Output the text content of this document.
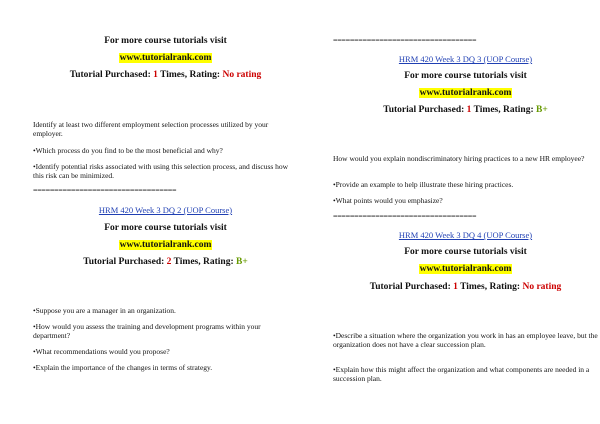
For more course tutorials visit
www.tutorialrank.com
Tutorial Purchased: 1 Times, Rating: No rating
Identify at least two different employment selection processes utilized by your employer.
•Which process do you find to be the most beneficial and why?
•Identify potential risks associated with using this selection process, and discuss how this risk can be minimized.
==================================
HRM 420 Week 3 DQ 2 (UOP Course)
For more course tutorials visit
www.tutorialrank.com
Tutorial Purchased: 2 Times, Rating: B+
•Suppose you are a manager in an organization.
•How would you assess the training and development programs within your department?
•What recommendations would you propose?
•Explain the importance of the changes in terms of strategy.
==================================
HRM 420 Week 3 DQ 3 (UOP Course)
For more course tutorials visit
www.tutorialrank.com
Tutorial Purchased: 1 Times, Rating: B+
How would you explain nondiscriminatory hiring practices to a new HR employee?
•Provide an example to help illustrate these hiring practices.
•What points would you emphasize?
==================================
HRM 420 Week 3 DQ 4 (UOP Course)
For more course tutorials visit
www.tutorialrank.com
Tutorial Purchased: 1 Times, Rating: No rating
•Describe a situation where the organization you work in has an employee leave, but the organization does not have a clear succession plan.
•Explain how this might affect the organization and what components are needed in a succession plan.
